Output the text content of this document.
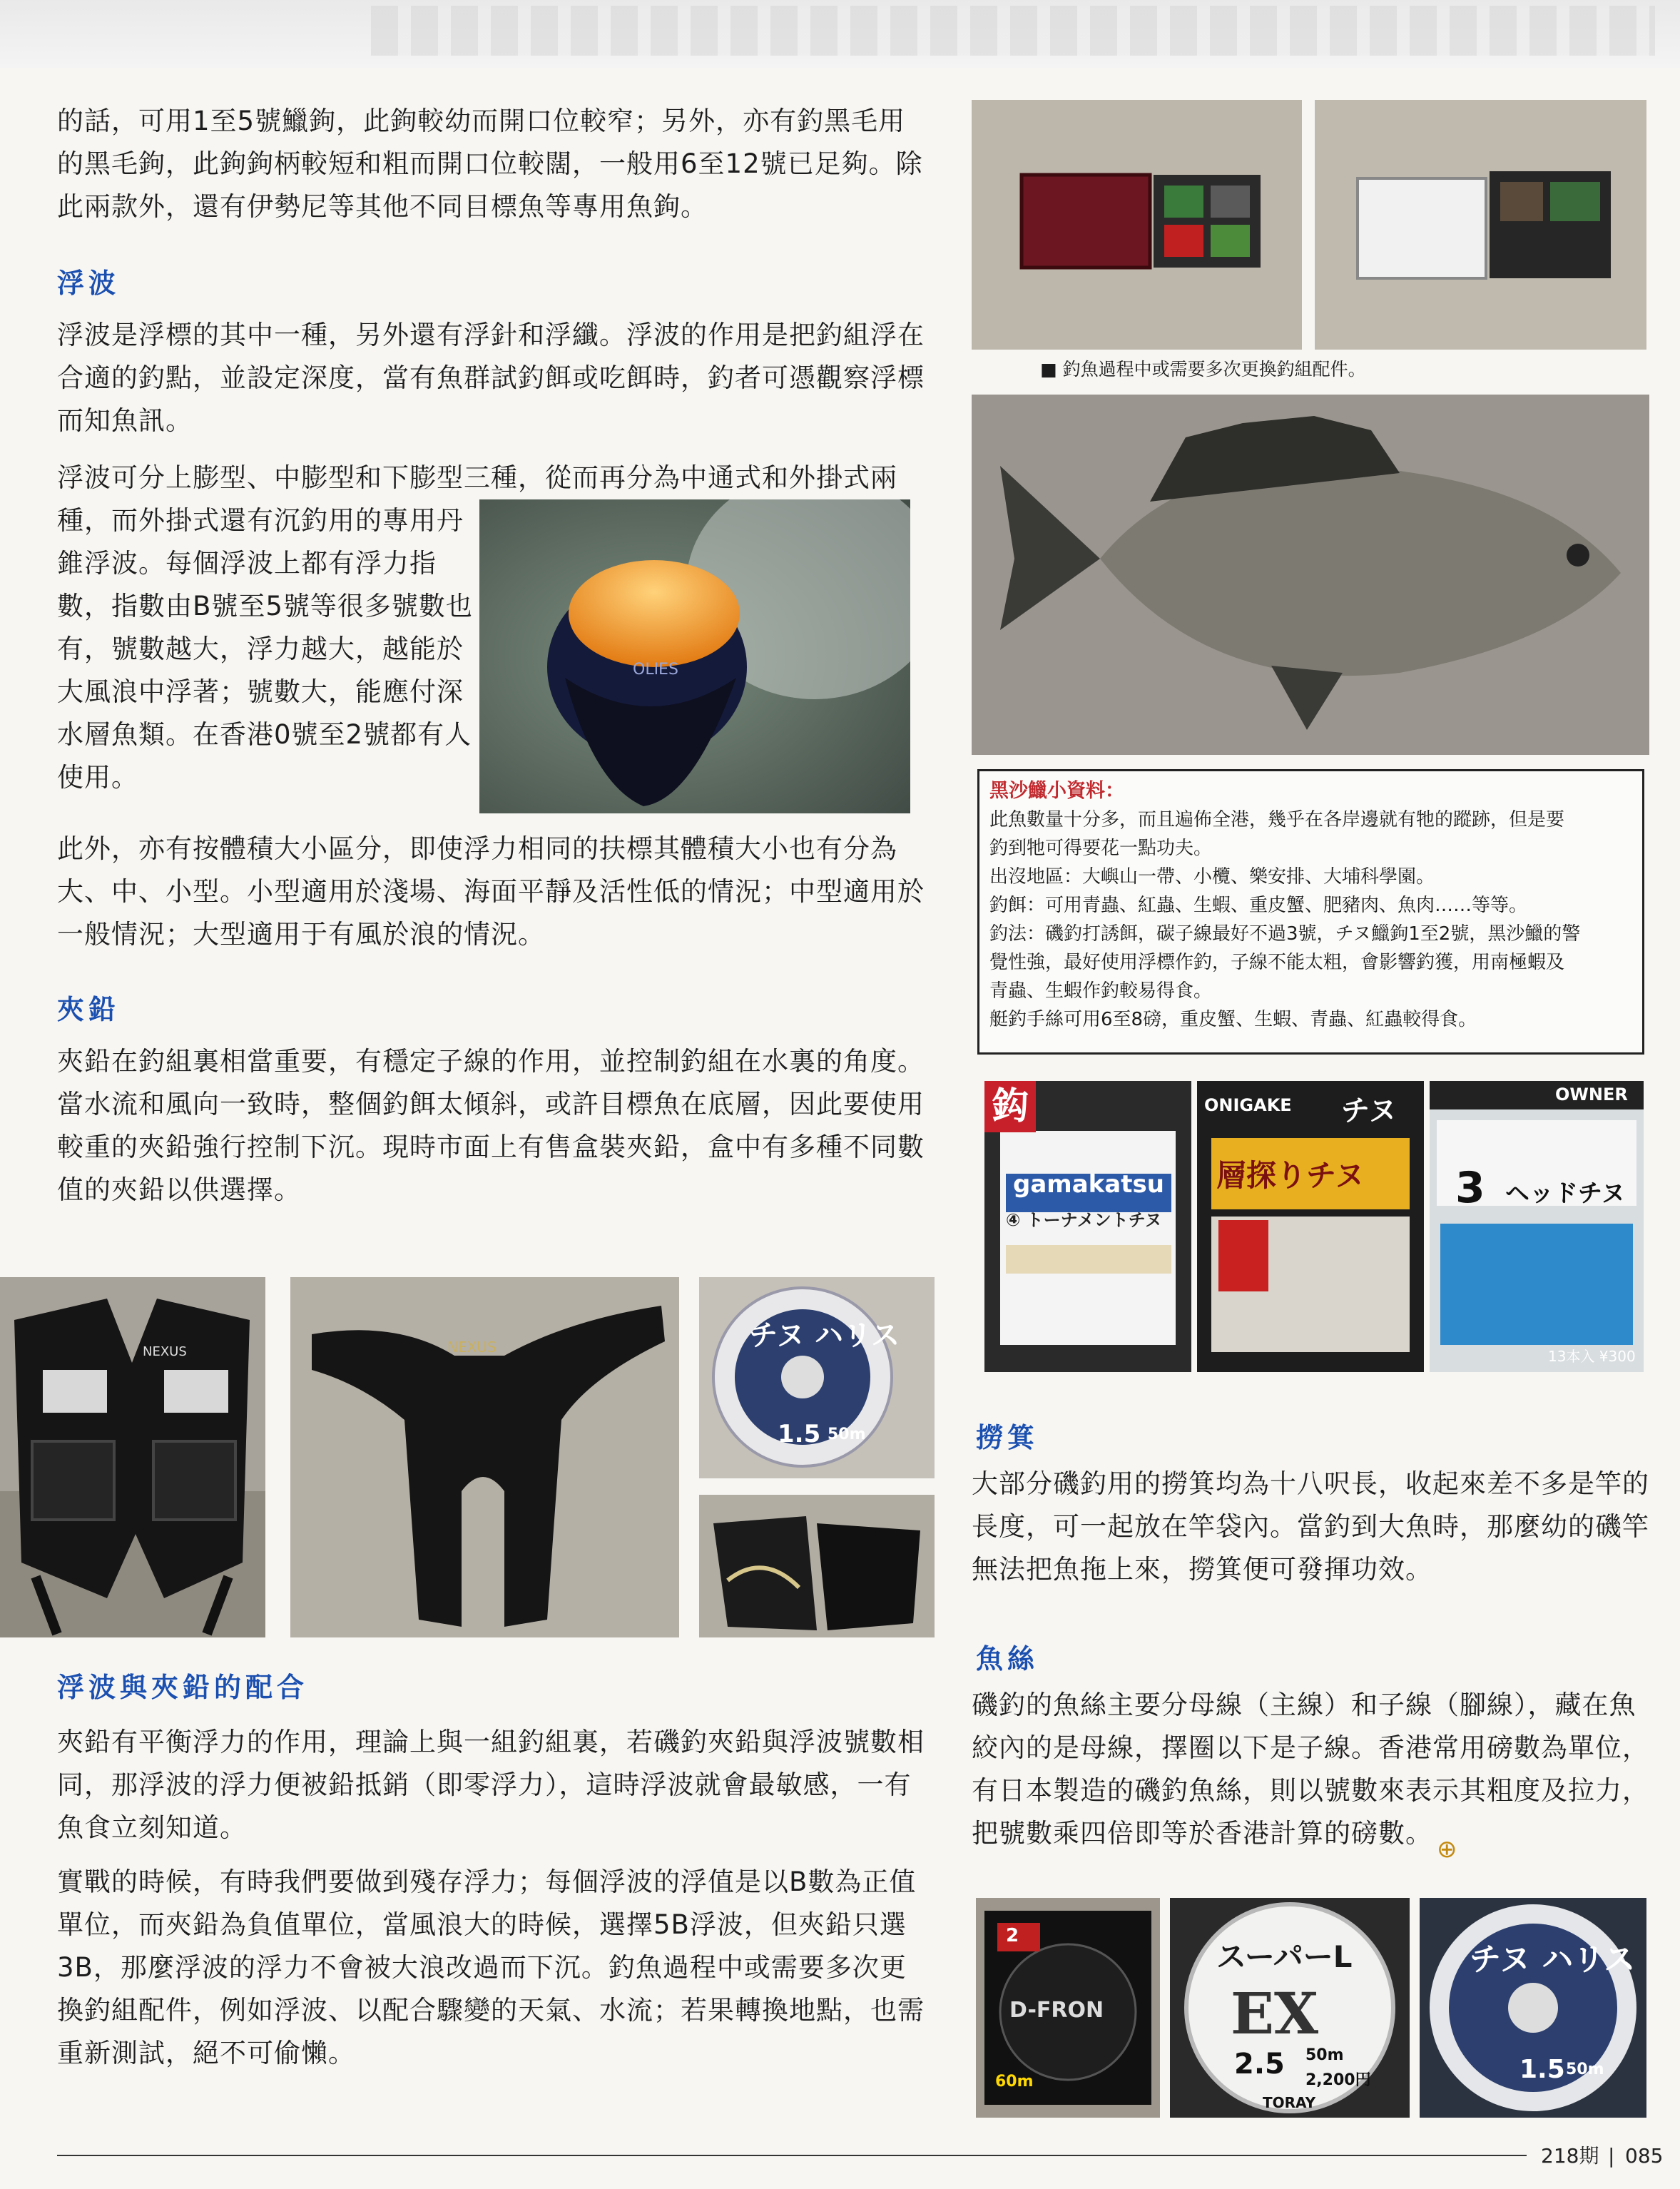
的話，可用1至5號鱲鉤，此鉤較幼而開口位較窄；另外，亦有釣黑毛用的黑毛鉤，此鉤鉤柄較短和粗而開口位較闊，一般用6至12號已足夠。除此兩款外，還有伊勢尼等其他不同目標魚等專用魚鉤。
浮波
浮波是浮標的其中一種，另外還有浮針和浮纖。浮波的作用是把釣組浮在合適的釣點，並設定深度，當有魚群試釣餌或吃餌時，釣者可憑觀察浮標而知魚訊。
浮波可分上膨型、中膨型和下膨型三種，從而再分為中通式和外掛式兩種，而外掛式還有沉釣用的專用丹
錐浮波。每個浮波上都有浮力指數，指數由B號至5號等很多號數也有，號數越大，浮力越大，越能於大風浪中浮著；號數大，能應付深水層魚類。在香港0號至2號都有人使用。
OLIES
此外，亦有按體積大小區分，即使浮力相同的扶標其體積大小也有分為大、中、小型。小型適用於淺場、海面平靜及活性低的情況；中型適用於一般情況；大型適用于有風於浪的情況。
夾鉛
夾鉛在釣組裏相當重要，有穩定子線的作用，並控制釣組在水裏的角度。當水流和風向一致時，整個釣餌太傾斜，或許目標魚在底層，因此要使用較重的夾鉛強行控制下沉。現時市面上有售盒裝夾鉛，盒中有多種不同數值的夾鉛以供選擇。
NEXUS	NEXUS	チヌ ハリス
1.5 50m
浮波與夾鉛的配合
夾鉛有平衡浮力的作用，理論上與一組釣組裏，若磯釣夾鉛與浮波號數相同，那浮波的浮力便被鉛抵銷（即零浮力），這時浮波就會最敏感，一有魚食立刻知道。
實戰的時候，有時我們要做到殘存浮力；每個浮波的浮值是以B數為正值單位，而夾鉛為負值單位，當風浪大的時候，選擇5B浮波，但夾鉛只選3B，那麼浮波的浮力不會被大浪改過而下沉。釣魚過程中或需要多次更換釣組配件，例如浮波、以配合驟變的天氣、水流；若果轉換地點，也需重新測試，絕不可偷懶。
■ 釣魚過程中或需要多次更換釣組配件。
黑沙鱲小資料：
此魚數量十分多，而且遍佈全港，幾乎在各岸邊就有牠的蹤跡，但是要
釣到牠可得要花一點功夫。
出沒地區：大嶼山一帶、小欖、樂安排、大埔科學園。
釣餌：可用青蟲、紅蟲、生蝦、重皮蟹、肥豬肉、魚肉……等等。
釣法：磯釣打誘餌，碳子線最好不過3號，チヌ鱲鉤1至2號，黑沙鱲的警
覺性強，最好使用浮標作釣，子線不能太粗，會影響釣獲，用南極蝦及
青蟲、生蝦作釣較易得食。
艇釣手絲可用6至8磅，重皮蟹、生蝦、青蟲、紅蟲較得食。
鈎
gamakatsu
④ トーナメントチヌ
ONIGAKE チヌ
層探りチヌ
OWNER
3 ヘッドチヌ
13本入 ¥300
撈箕
大部分磯釣用的撈箕均為十八呎長，收起來差不多是竿的長度，可一起放在竿袋內。當釣到大魚時，那麼幼的磯竿無法把魚拖上來，撈箕便可發揮功效。
魚絲
磯釣的魚絲主要分母線（主線）和子線（腳線），藏在魚絞內的是母線，擇圈以下是子線。香港常用磅數為單位，有日本製造的磯釣魚絲，則以號數來表示其粗度及拉力，把號數乘四倍即等於香港計算的磅數。
⊕
D-FRON
2
60m
スーパーL
EX
2.5 50m
2,200円
TORAY
チヌ ハリス
1.5 50m
218期 | 085
